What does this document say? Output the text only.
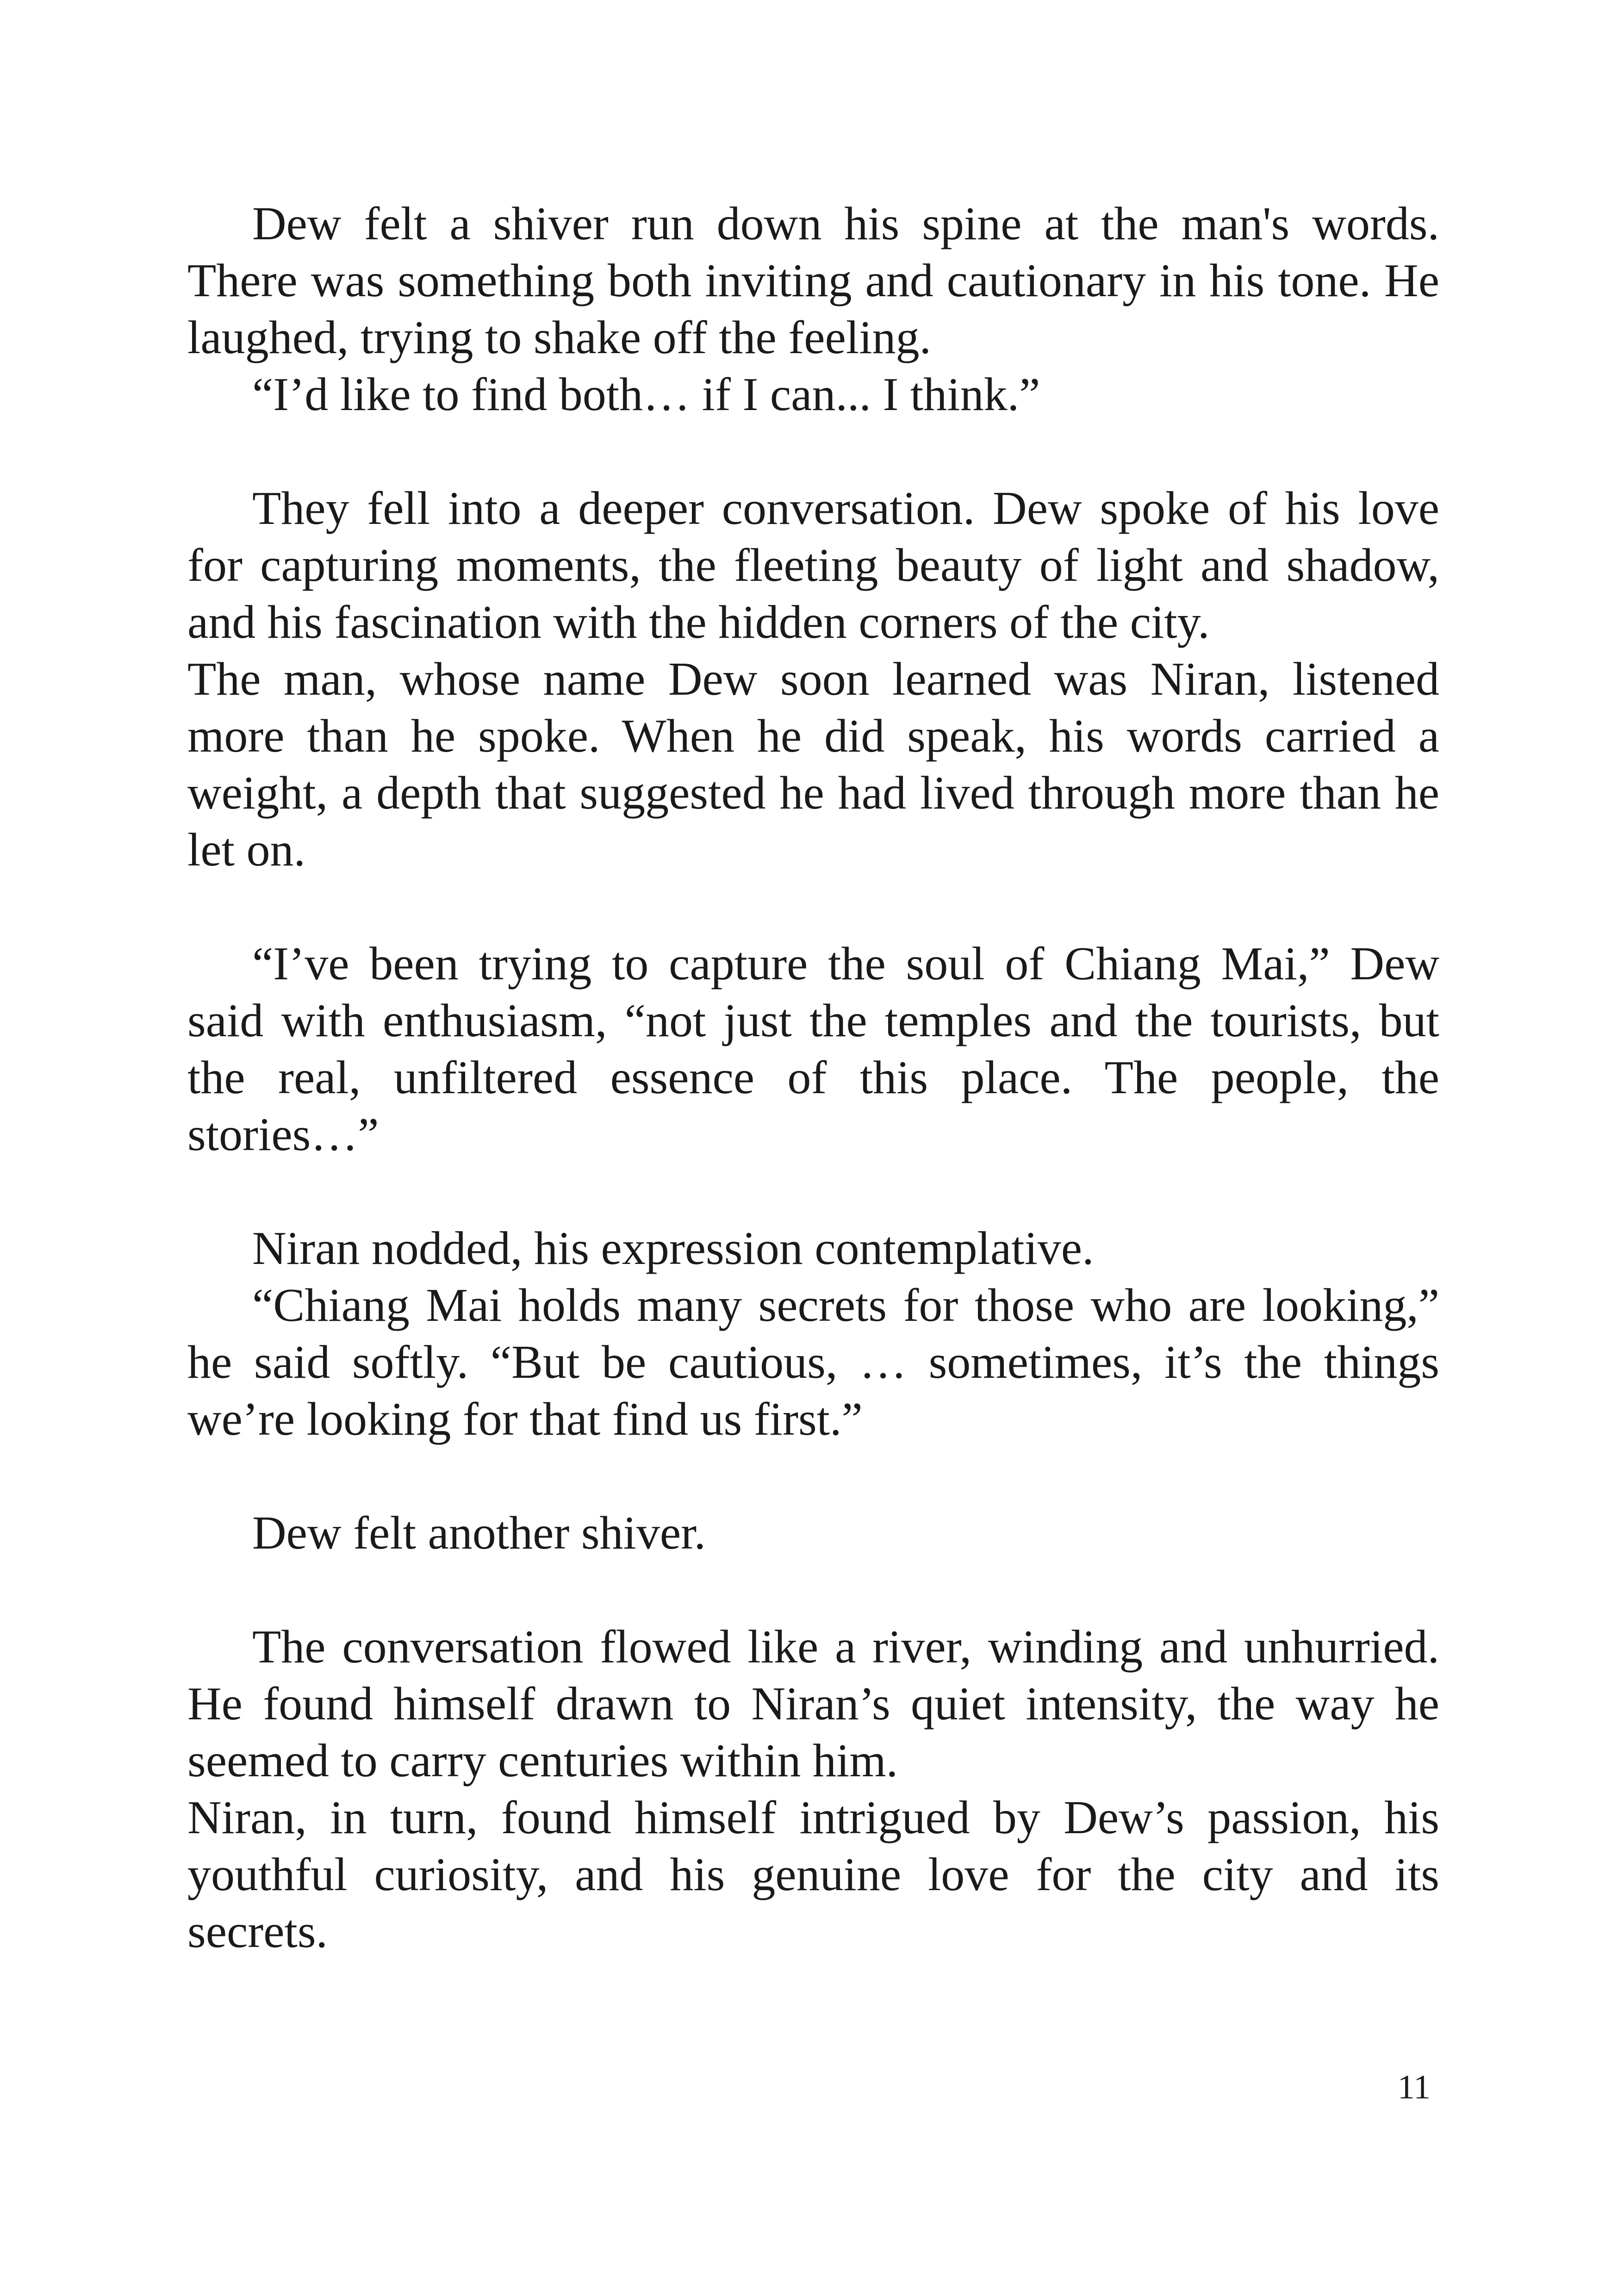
Dew felt a shiver run down his spine at the man's words. There was something both inviting and cautionary in his tone. He laughed, trying to shake off the feeling.

“I’d like to find both… if I can... I think.”

They fell into a deeper conversation. Dew spoke of his love for capturing moments, the fleeting beauty of light and shadow, and his fascination with the hidden corners of the city.

The man, whose name Dew soon learned was Niran, listened more than he spoke. When he did speak, his words carried a weight, a depth that suggested he had lived through more than he let on.

“I’ve been trying to capture the soul of Chiang Mai,” Dew said with enthusiasm, “not just the temples and the tourists, but the real, unfiltered essence of this place. The people, the stories…”

Niran nodded, his expression contemplative.

“Chiang Mai holds many secrets for those who are looking,” he said softly. “But be cautious, … sometimes, it’s the things we’re looking for that find us first.”

Dew felt another shiver.

The conversation flowed like a river, winding and unhurried. He found himself drawn to Niran’s quiet intensity, the way he seemed to carry centuries within him.

Niran, in turn, found himself intrigued by Dew’s passion, his youthful curiosity, and his genuine love for the city and its secrets.

11
